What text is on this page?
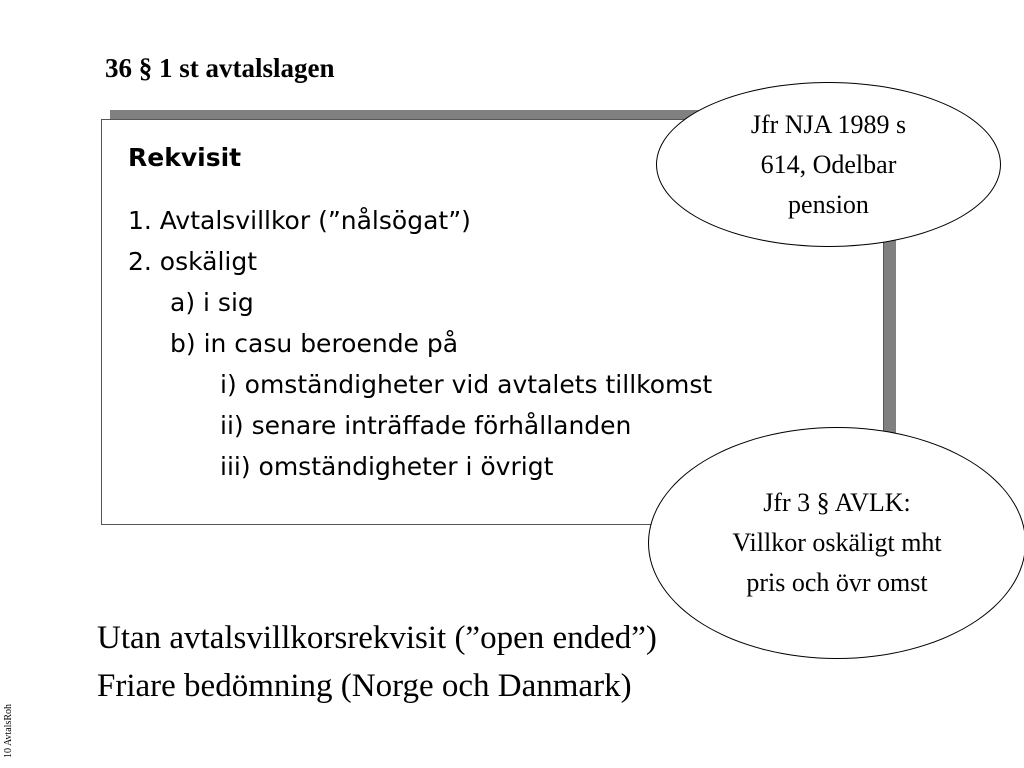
36 § 1 st avtalslagen
Rekvisit
1. Avtalsvillkor (”nålsögat”)
2. oskäligt
a) i sig
b) in casu beroende på
i) omständigheter vid avtalets tillkomst
ii) senare inträffade förhållanden
iii) omständigheter i övrigt
Utan avtalsvillkorsrekvisit (”open ended”)
Friare bedömning (Norge och Danmark)
Jfr NJA 1989 s
614, Odelbar
pension
Jfr 3 § AVLK:
Villkor oskäligt mht
pris och övr omst
10 AvtalsRoh
